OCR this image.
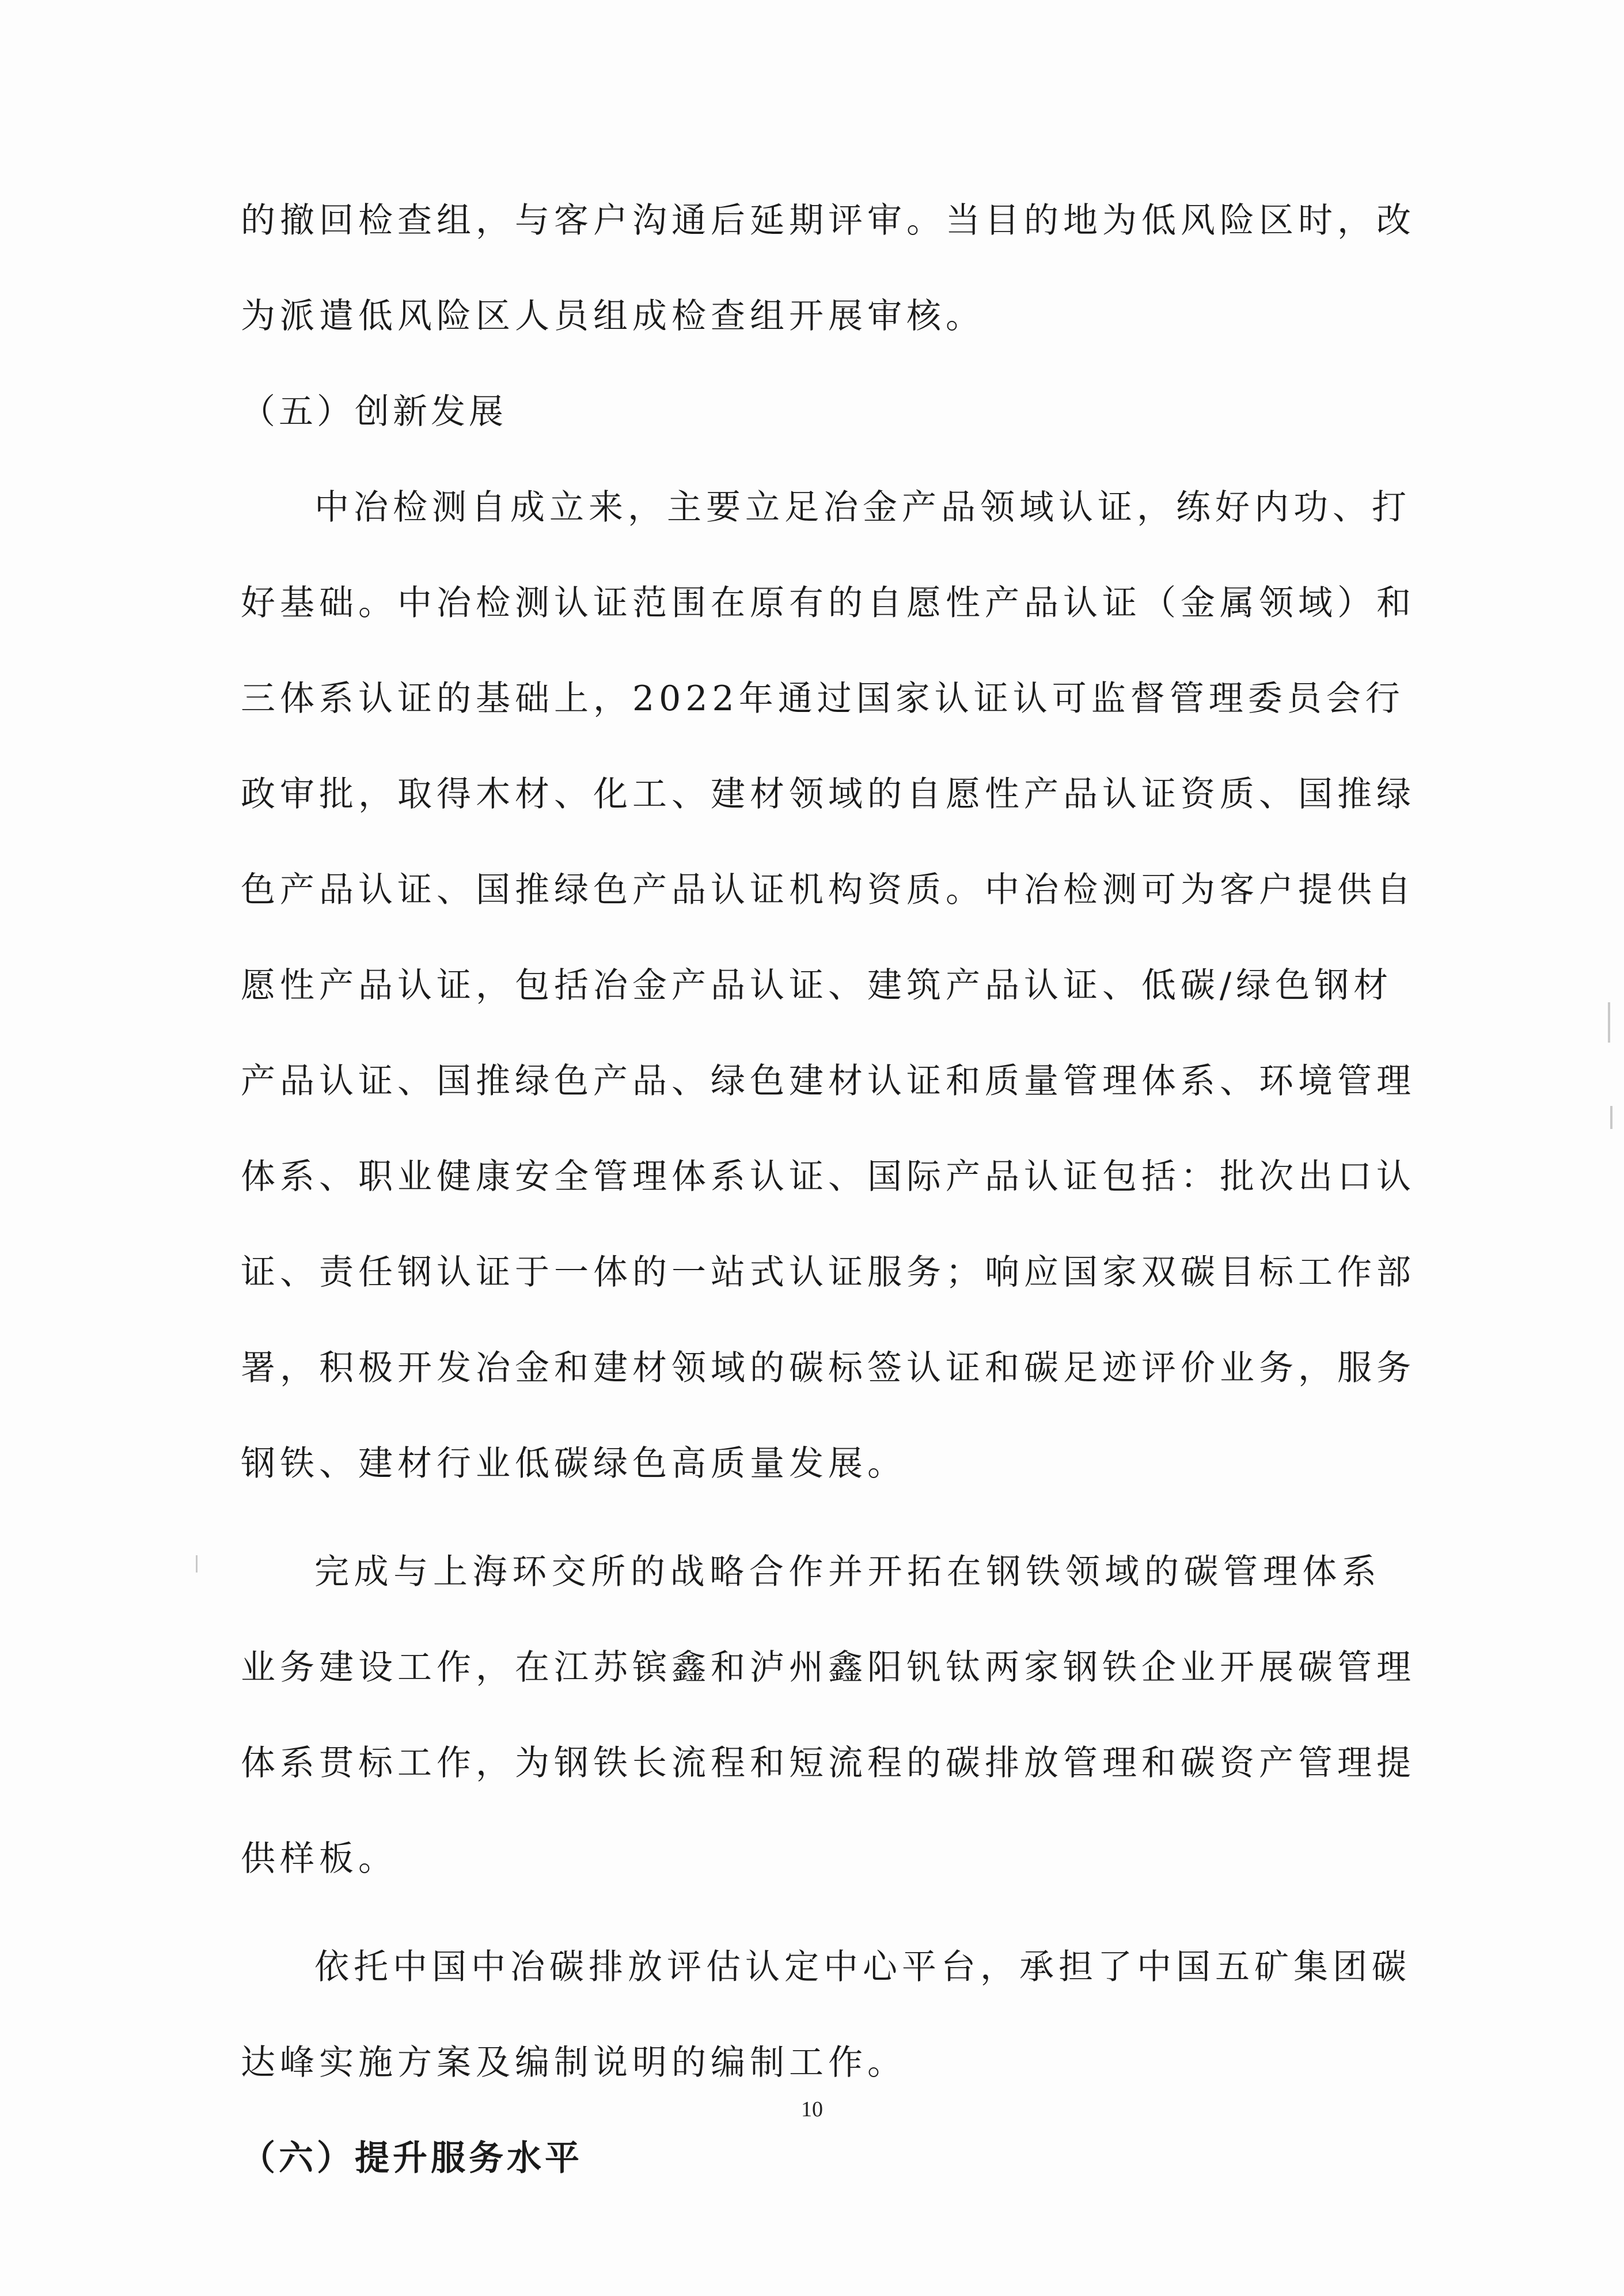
的撤回检查组，与客户沟通后延期评审。当目的地为低风险区时，改
为派遣低风险区人员组成检查组开展审核。
（五）创新发展
中冶检测自成立来，主要立足冶金产品领域认证，练好内功、打
好基础。中冶检测认证范围在原有的自愿性产品认证（金属领域）和
三体系认证的基础上，2022年通过国家认证认可监督管理委员会行
政审批，取得木材、化工、建材领域的自愿性产品认证资质、国推绿
色产品认证、国推绿色产品认证机构资质。中冶检测可为客户提供自
愿性产品认证，包括冶金产品认证、建筑产品认证、低碳/绿色钢材
产品认证、国推绿色产品、绿色建材认证和质量管理体系、环境管理
体系、职业健康安全管理体系认证、国际产品认证包括：批次出口认
证、责任钢认证于一体的一站式认证服务；响应国家双碳目标工作部
署，积极开发冶金和建材领域的碳标签认证和碳足迹评价业务，服务
钢铁、建材行业低碳绿色高质量发展。
完成与上海环交所的战略合作并开拓在钢铁领域的碳管理体系
业务建设工作，在江苏镔鑫和泸州鑫阳钒钛两家钢铁企业开展碳管理
体系贯标工作，为钢铁长流程和短流程的碳排放管理和碳资产管理提
供样板。
依托中国中冶碳排放评估认定中心平台，承担了中国五矿集团碳
达峰实施方案及编制说明的编制工作。
（六）提升服务水平
10
